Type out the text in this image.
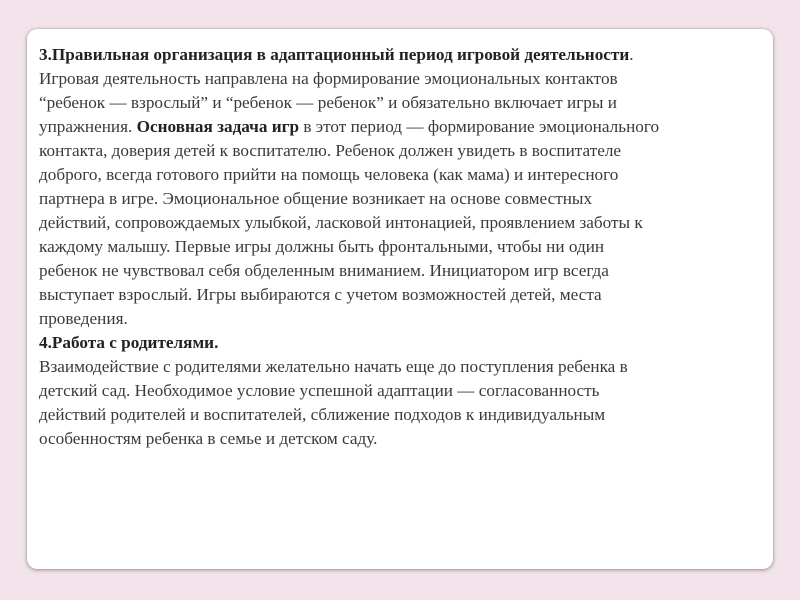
3.Правильная организация в адаптационный период игровой деятельности.
Игровая деятельность направлена на формирование эмоциональных контактов
“ребенок — взрослый” и “ребенок — ребенок” и обязательно включает игры и
упражнения. Основная задача игр в этот период — формирование эмоционального
контакта, доверия детей к воспитателю. Ребенок должен увидеть в воспитателе
доброго, всегда готового прийти на помощь человека (как мама) и интересного
партнера в игре. Эмоциональное общение возникает на основе совместных
действий, сопровождаемых улыбкой, ласковой интонацией, проявлением заботы к
каждому малышу. Первые игры должны быть фронтальными, чтобы ни один
ребенок не чувствовал себя обделенным вниманием. Инициатором игр всегда
выступает взрослый. Игры выбираются с учетом возможностей детей, места
проведения.
4.Работа с родителями.
Взаимодействие с родителями желательно начать еще до поступления ребенка в
детский сад. Необходимое условие успешной адаптации — согласованность
действий родителей и воспитателей, сближение подходов к индивидуальным
особенностям ребенка в семье и детском саду.
